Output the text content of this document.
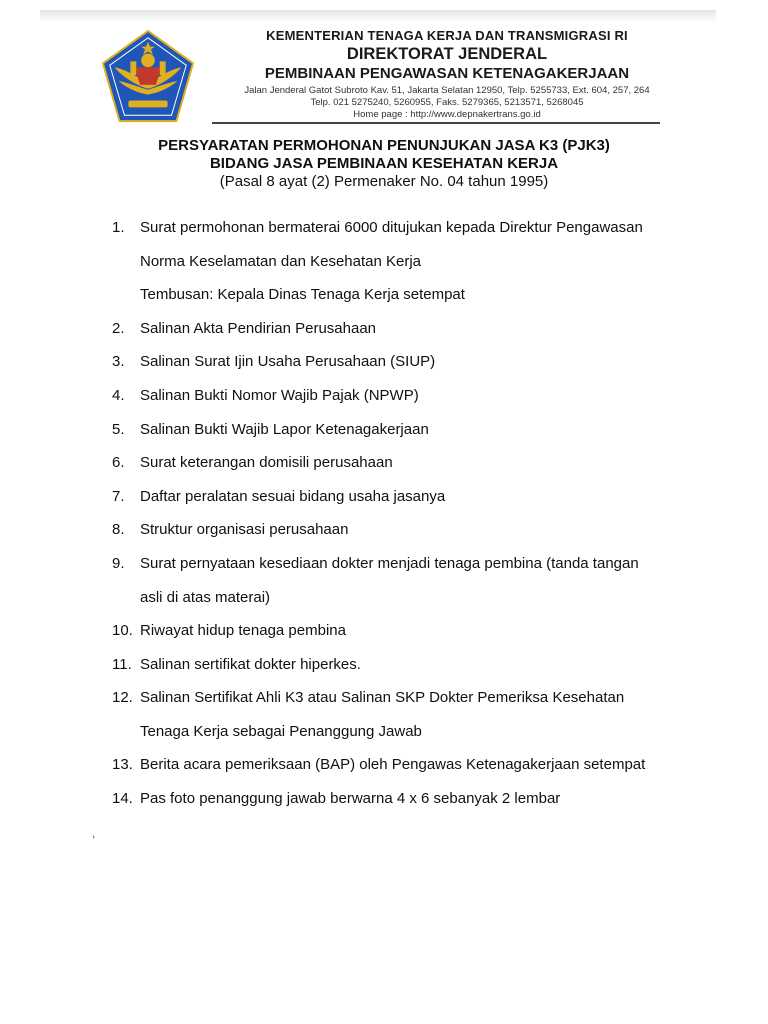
KEMENTERIAN TENAGA KERJA DAN TRANSMIGRASI RI
DIREKTORAT JENDERAL
PEMBINAAN PENGAWASAN KETENAGAKERJAAN
Jalan Jenderal Gatot Subroto Kav. 51, Jakarta Selatan 12950, Telp. 5255733, Ext. 604, 257, 264
Telp. 021 5275240, 5260955, Faks. 5279365, 5213571, 5268045
Home page : http://www.depnakertrans.go.id
PERSYARATAN PERMOHONAN PENUNJUKAN JASA K3 (PJK3)
BIDANG JASA PEMBINAAN KESEHATAN KERJA
(Pasal 8 ayat (2) Permenaker No. 04 tahun 1995)
1.	Surat permohonan bermaterai 6000 ditujukan kepada Direktur Pengawasan
Norma Keselamatan dan Kesehatan Kerja
Tembusan: Kepala Dinas Tenaga Kerja setempat
2.	Salinan Akta Pendirian Perusahaan
3.	Salinan Surat Ijin Usaha Perusahaan (SIUP)
4.	Salinan Bukti Nomor Wajib Pajak (NPWP)
5.	Salinan Bukti Wajib Lapor Ketenagakerjaan
6.	Surat keterangan domisili perusahaan
7.	Daftar peralatan sesuai bidang usaha jasanya
8.	Struktur organisasi perusahaan
9.	Surat pernyataan kesediaan dokter menjadi tenaga pembina (tanda tangan
asli di atas materai)
10. Riwayat hidup tenaga pembina
11. Salinan sertifikat dokter hiperkes.
12. Salinan Sertifikat Ahli K3 atau Salinan SKP Dokter Pemeriksa Kesehatan
Tenaga Kerja sebagai Penanggung Jawab
13. Berita acara pemeriksaan (BAP) oleh Pengawas Ketenagakerjaan setempat
14. Pas foto penanggung jawab berwarna 4 x 6 sebanyak 2 lembar
,
